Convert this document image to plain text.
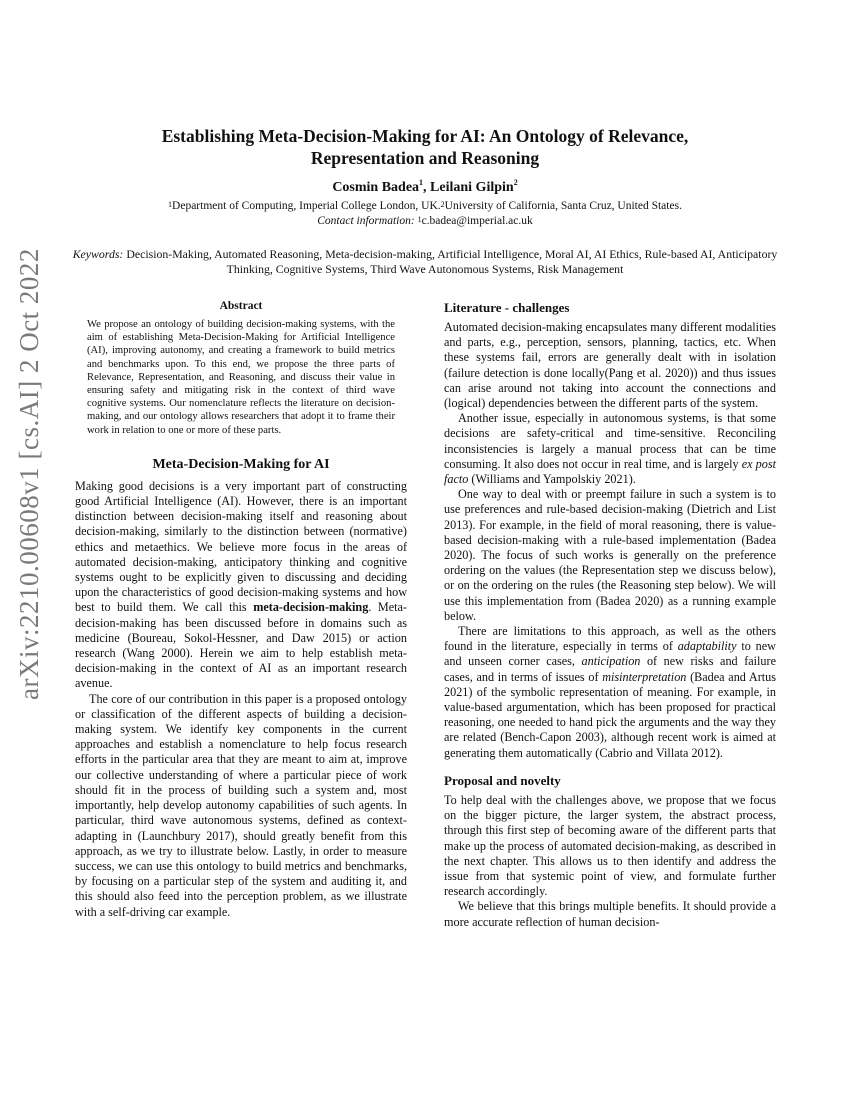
arXiv:2210.00608v1 [cs.AI] 2 Oct 2022
Establishing Meta-Decision-Making for AI: An Ontology of Relevance,
Representation and Reasoning
Cosmin Badea$^1$, Leilani Gilpin$^2$
$^1$Department of Computing, Imperial College London, UK.$^2$University of California, Santa Cruz, United States.
Contact information: $^1$c.badea@imperial.ac.uk
Keywords: Decision-Making, Automated Reasoning, Meta-decision-making, Artificial Intelligence, Moral AI, AI Ethics, Rule-based AI, Anticipatory Thinking, Cognitive Systems, Third Wave Autonomous Systems, Risk Management
Abstract
We propose an ontology of building decision-making systems, with the aim of establishing Meta-Decision-Making for Artificial Intelligence (AI), improving autonomy, and creating a framework to build metrics and benchmarks upon. To this end, we propose the three parts of Relevance, Representation, and Reasoning, and discuss their value in ensuring safety and mitigating risk in the context of third wave cognitive systems. Our nomenclature reflects the literature on decision-making, and our ontology allows researchers that adopt it to frame their work in relation to one or more of these parts.
Meta-Decision-Making for AI

Making good decisions is a very important part of constructing good Artificial Intelligence (AI). However, there is an important distinction between decision-making itself and reasoning about decision-making, similarly to the distinction between (normative) ethics and metaethics. We believe more focus in the areas of automated decision-making, anticipatory thinking and cognitive systems ought to be explicitly given to discussing and deciding upon the characteristics of good decision-making systems and how best to build them. We call this meta-decision-making. Meta-decision-making has been discussed before in domains such as medicine (Boureau, Sokol-Hessner, and Daw 2015) or action research (Wang 2000). Herein we aim to help establish meta-decision-making in the context of AI as an important research avenue.

The core of our contribution in this paper is a proposed ontology or classification of the different aspects of building a decision-making system. We identify key components in the current approaches and establish a nomenclature to help focus research efforts in the particular area that they are meant to aim at, improve our collective understanding of where a particular piece of work should fit in the process of building such a system and, most importantly, help develop autonomy capabilities of such agents. In particular, third wave autonomous systems, defined as context-adapting in (Launchbury 2017), should greatly benefit from this approach, as we try to illustrate below. Lastly, in order to measure success, we can use this ontology to build metrics and benchmarks, by focusing on a particular step of the system and auditing it, and this should also feed into the perception problem, as we illustrate with a self-driving car example.

Literature - challenges

Automated decision-making encapsulates many different modalities and parts, e.g., perception, sensors, planning, tactics, etc. When these systems fail, errors are generally dealt with in isolation (failure detection is done locally(Pang et al. 2020)) and thus issues can arise around not taking into account the connections and (logical) dependencies between the different parts of the system.

Another issue, especially in autonomous systems, is that some decisions are safety-critical and time-sensitive. Reconciling inconsistencies is largely a manual process that can be time consuming. It also does not occur in real time, and is largely ex post facto (Williams and Yampolskiy 2021).

One way to deal with or preempt failure in such a system is to use preferences and rule-based decision-making (Dietrich and List 2013). For example, in the field of moral reasoning, there is value-based decision-making with a rule-based implementation (Badea 2020). The focus of such works is generally on the preference ordering on the values (the Representation step we discuss below), or on the ordering on the rules (the Reasoning step below). We will use this implementation from (Badea 2020) as a running example below.

There are limitations to this approach, as well as the others found in the literature, especially in terms of adaptability to new and unseen corner cases, anticipation of new risks and failure cases, and in terms of issues of misinterpretation (Badea and Artus 2021) of the symbolic representation of meaning. For example, in value-based argumentation, which has been proposed for practical reasoning, one needed to hand pick the arguments and the way they are related (Bench-Capon 2003), although recent work is aimed at generating them automatically (Cabrio and Villata 2012).

Proposal and novelty

To help deal with the challenges above, we propose that we focus on the bigger picture, the larger system, the abstract process, through this first step of becoming aware of the different parts that make up the process of automated decision-making, as described in the next chapter. This allows us to then identify and address the issue from that systemic point of view, and formulate further research accordingly.

We believe that this brings multiple benefits. It should provide a more accurate reflection of human decision-
